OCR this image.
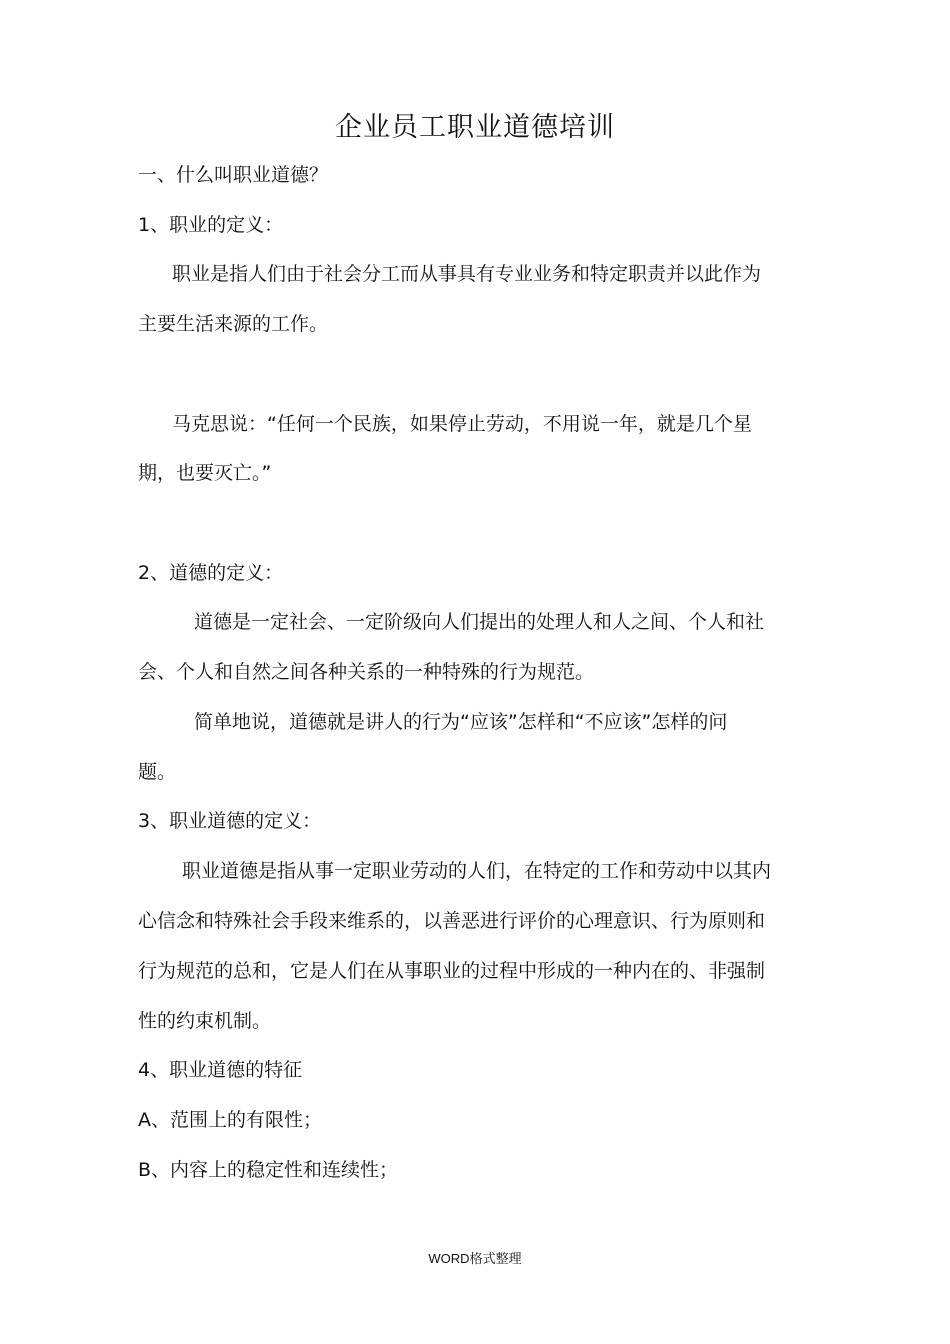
企业员工职业道德培训
一、什么叫职业道德？
1、职业的定义：
职业是指人们由于社会分工而从事具有专业业务和特定职责并以此作为
主要生活来源的工作。
马克思说：“任何一个民族，如果停止劳动，不用说一年，就是几个星
期，也要灭亡。”
2、道德的定义：
道德是一定社会、一定阶级向人们提出的处理人和人之间、个人和社
会、个人和自然之间各种关系的一种特殊的行为规范。
简单地说，道德就是讲人的行为“应该”怎样和“不应该”怎样的问
题。
3、职业道德的定义：
职业道德是指从事一定职业劳动的人们，在特定的工作和劳动中以其内
心信念和特殊社会手段来维系的，以善恶进行评价的心理意识、行为原则和
行为规范的总和，它是人们在从事职业的过程中形成的一种内在的、非强制
性的约束机制。
4、职业道德的特征
A、范围上的有限性；
B、内容上的稳定性和连续性；
WORD格式整理
